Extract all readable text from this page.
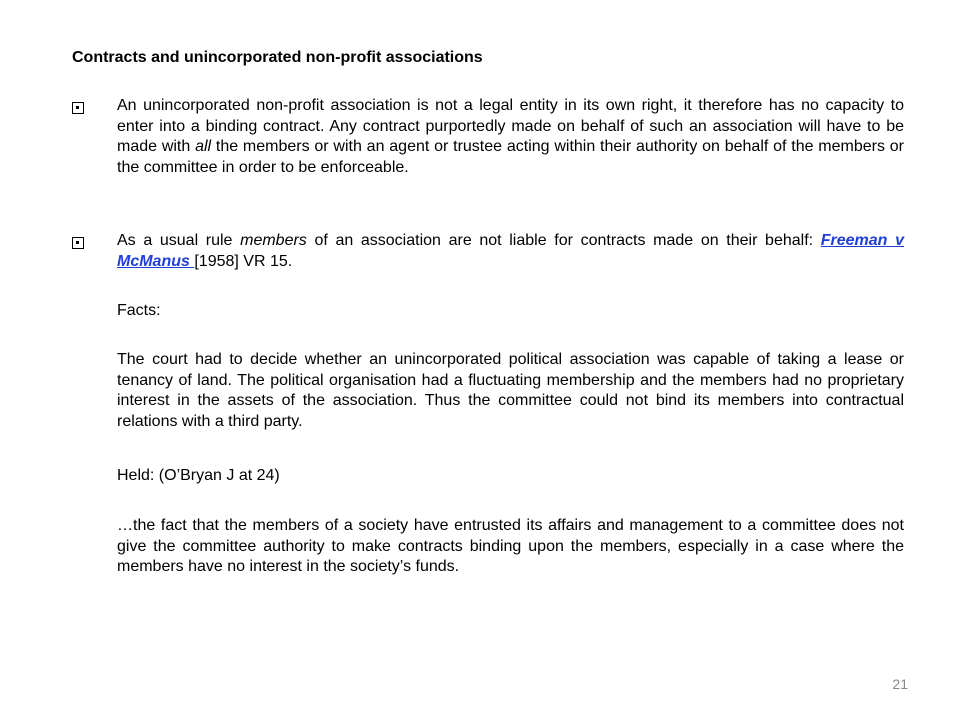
Contracts and unincorporated non-profit associations

An unincorporated non-profit association is not a legal entity in its own right, it therefore has no capacity to enter into a binding contract. Any contract purportedly made on behalf of such an association will have to be made with all the members or with an agent or trustee acting within their authority on behalf of the members or the committee in order to be enforceable.

As a usual rule members of an association are not liable for contracts made on their behalf: Freeman v McManus [1958] VR 15.

Facts:

The court had to decide whether an unincorporated political association was capable of taking a lease or tenancy of land. The political organisation had a fluctuating membership and the members had no proprietary interest in the assets of the association. Thus the committee could not bind its members into contractual relations with a third party.

Held: (O’Bryan J at 24)

…the fact that the members of a society have entrusted its affairs and management to a committee does not give the committee authority to make contracts binding upon the members, especially in a case where the members have no interest in the society’s funds.

21
